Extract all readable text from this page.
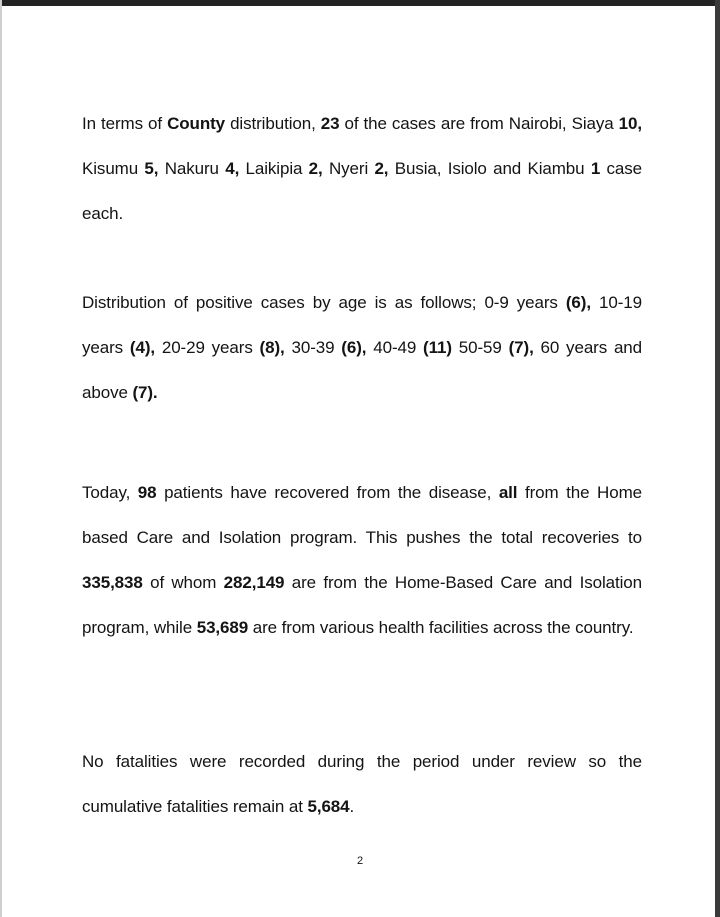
In terms of County distribution, 23 of the cases are from Nairobi, Siaya 10, Kisumu 5, Nakuru 4, Laikipia 2, Nyeri 2, Busia, Isiolo and Kiambu 1 case each.

Distribution of positive cases by age is as follows; 0-9 years (6), 10-19 years (4), 20-29 years (8), 30-39 (6), 40-49 (11) 50-59 (7), 60 years and above (7).

Today, 98 patients have recovered from the disease, all from the Home based Care and Isolation program. This pushes the total recoveries to 335,838 of whom 282,149 are from the Home-Based Care and Isolation program, while 53,689 are from various health facilities across the country.

No fatalities were recorded during the period under review so the cumulative fatalities remain at 5,684.

2
